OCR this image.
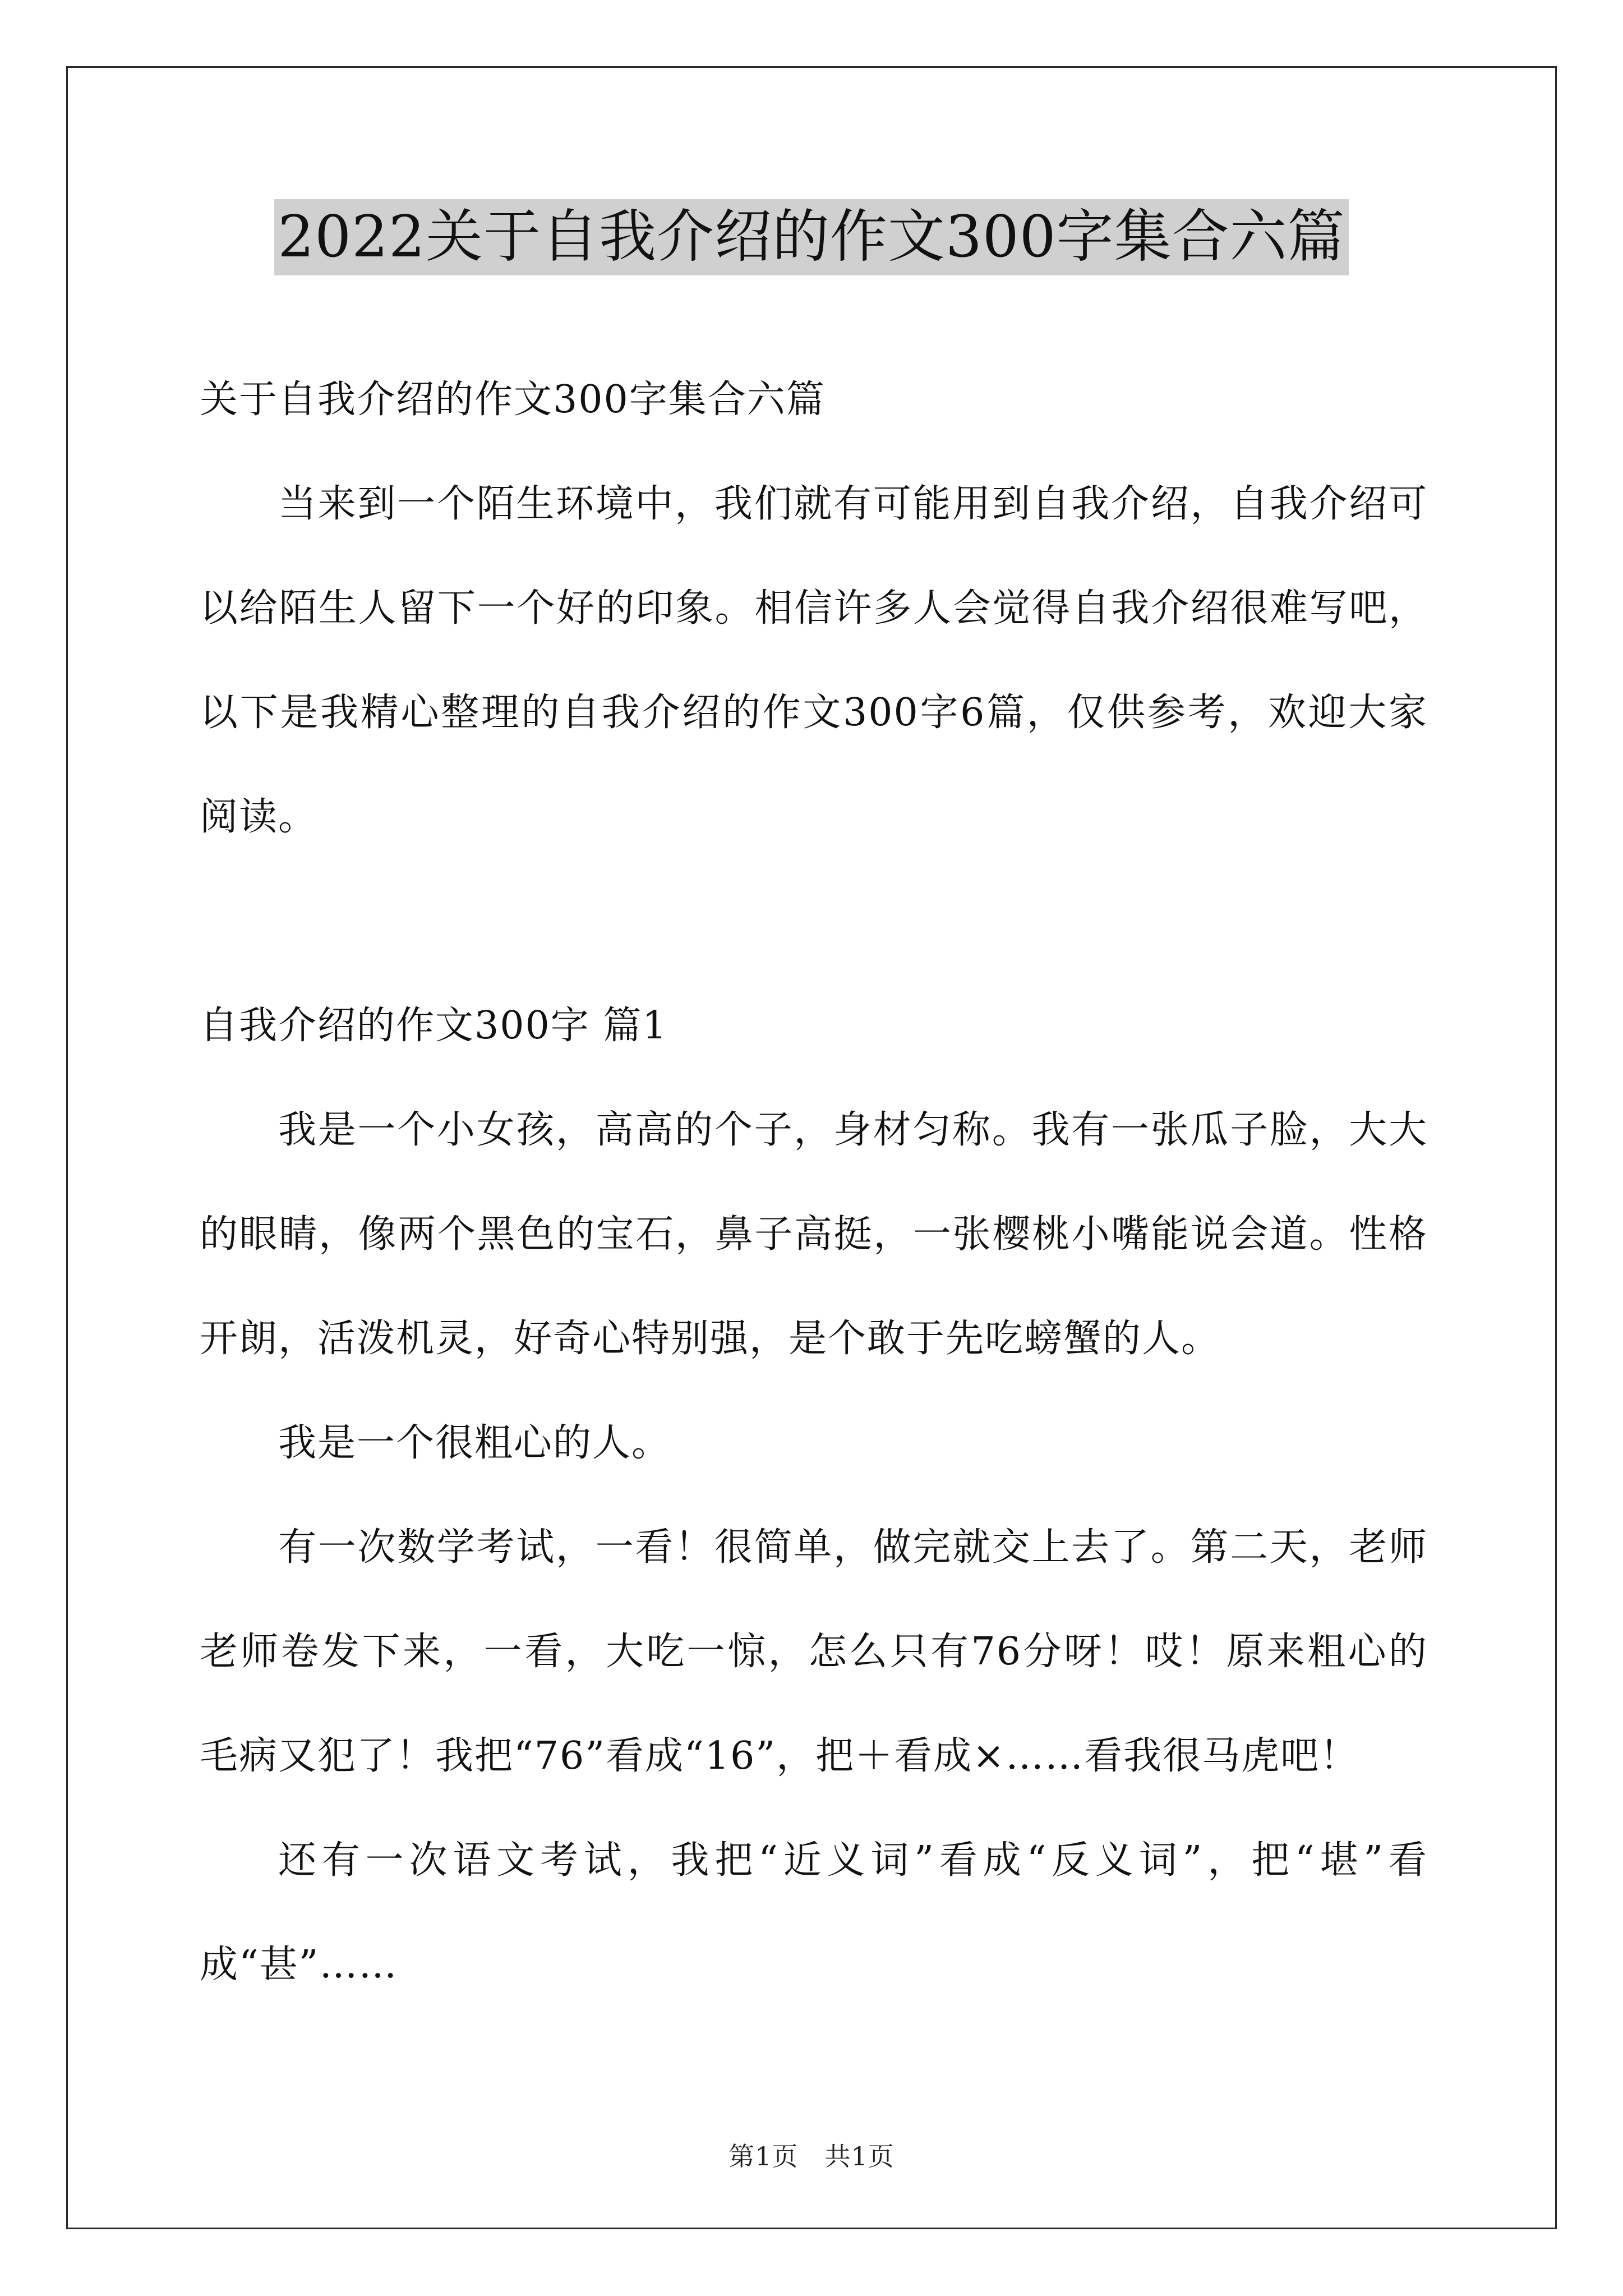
2022关于自我介绍的作文300字集合六篇

关于自我介绍的作文300字集合六篇

当来到一个陌生环境中，我们就有可能用到自我介绍，自我介绍可以给陌生人留下一个好的印象。相信许多人会觉得自我介绍很难写吧，以下是我精心整理的自我介绍的作文300字6篇，仅供参考，欢迎大家阅读。

自我介绍的作文300字 篇1

我是一个小女孩，高高的个子，身材匀称。我有一张瓜子脸，大大的眼睛，像两个黑色的宝石，鼻子高挺，一张樱桃小嘴能说会道。性格开朗，活泼机灵，好奇心特别强，是个敢于先吃螃蟹的人。

我是一个很粗心的人。

有一次数学考试，一看！很简单，做完就交上去了。第二天，老师老师卷发下来，一看，大吃一惊，怎么只有76分呀！哎！原来粗心的毛病又犯了！我把“76”看成“16”，把＋看成×……看我很马虎吧！

还有一次语文考试，我把“近义词”看成“反义词”，把“堪”看成“甚”……

第1页　共1页
